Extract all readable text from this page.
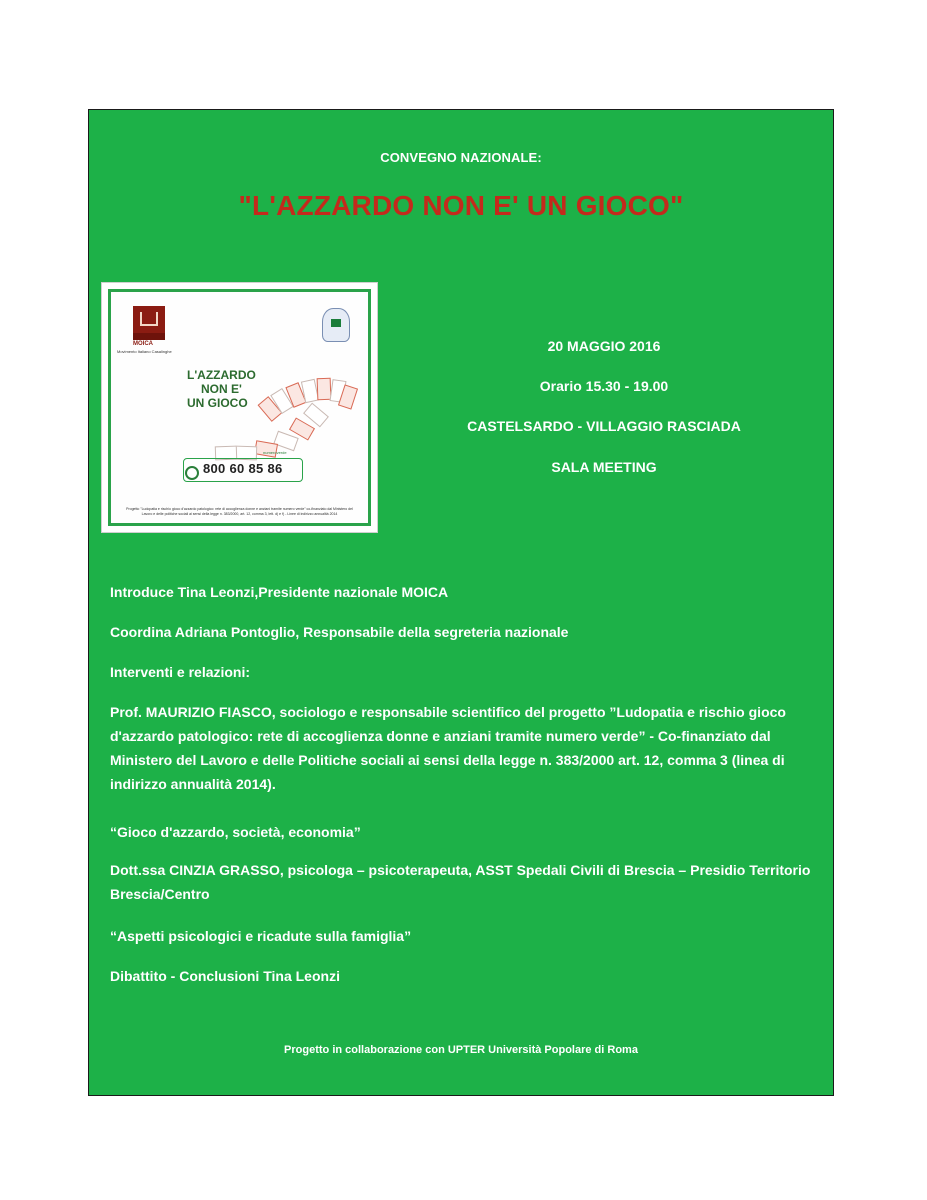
CONVEGNO NAZIONALE:
"L'AZZARDO NON E' UN GIOCO"
MOICA
Movimento Italiano Casalinghe
L'AZZARDO
NON E'
UN GIOCO
numeroverde
800 60 85 86
Progetto "Ludopatia e rischio gioco d'azzardo patologico: rete di accoglienza donne e anziani tramite numero verde" co-finanziato dal Ministero del Lavoro e delle politiche sociali ai sensi della legge n. 383/2000, art. 12, comma 3, lett. d) e f) - Linee di indirizzo annualità 2014
20 MAGGIO 2016
Orario 15.30 - 19.00
CASTELSARDO - VILLAGGIO RASCIADA
SALA MEETING
Introduce Tina Leonzi,Presidente nazionale MOICA
Coordina Adriana Pontoglio, Responsabile della segreteria nazionale
Interventi e relazioni:
Prof. MAURIZIO FIASCO, sociologo e responsabile scientifico del progetto ”Ludopatia e rischio gioco d'azzardo patologico: rete di accoglienza donne e anziani tramite numero verde” - Co-finanziato dal Ministero del Lavoro e delle Politiche sociali ai sensi della legge n. 383/2000 art. 12, comma 3 (linea di indirizzo annualità 2014).
“Gioco d'azzardo, società, economia”
Dott.ssa CINZIA GRASSO, psicologa – psicoterapeuta, ASST Spedali Civili di Brescia – Presidio Territorio Brescia/Centro
“Aspetti psicologici e ricadute sulla famiglia”
Dibattito - Conclusioni Tina Leonzi
Progetto in collaborazione con UPTER Università Popolare di Roma
